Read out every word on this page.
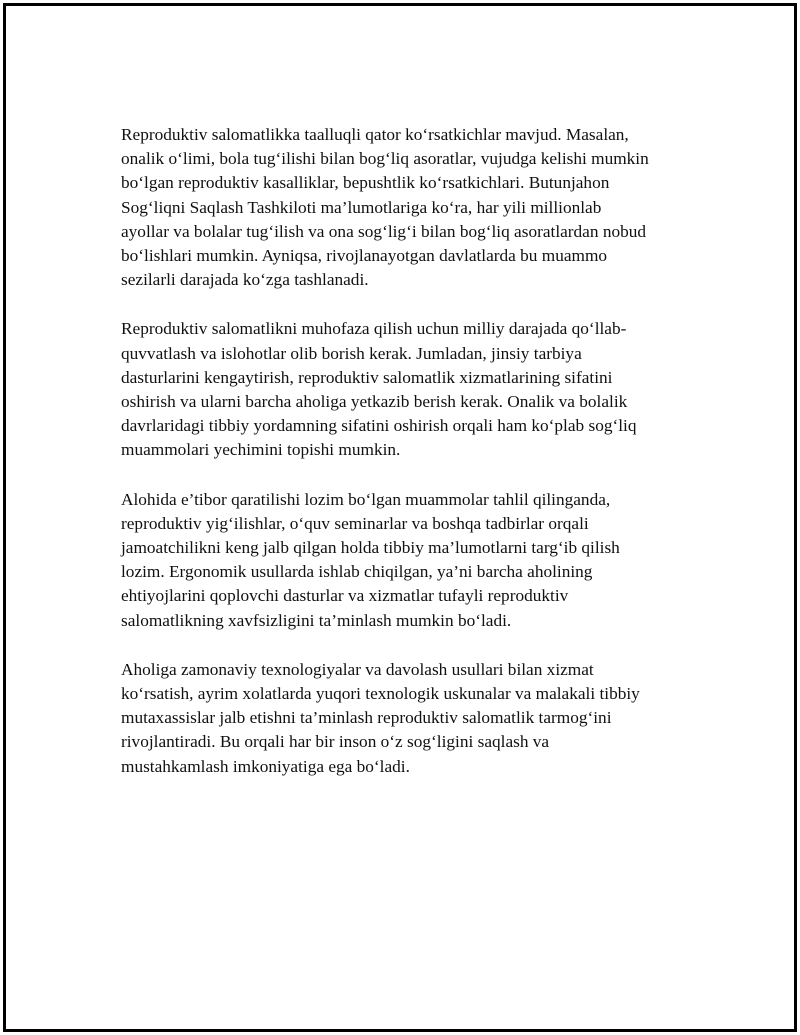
Reproduktiv salomatlikka taalluqli qator ko‘rsatkichlar mavjud. Masalan,
onalik o‘limi, bola tug‘ilishi bilan bog‘liq asoratlar, vujudga kelishi mumkin
bo‘lgan reproduktiv kasalliklar, bepushtlik ko‘rsatkichlari. Butunjahon
Sog‘liqni Saqlash Tashkiloti ma’lumotlariga ko‘ra, har yili millionlab
ayollar va bolalar tug‘ilish va ona sog‘lig‘i bilan bog‘liq asoratlardan nobud
bo‘lishlari mumkin. Ayniqsa, rivojlanayotgan davlatlarda bu muammo
sezilarli darajada ko‘zga tashlanadi.

Reproduktiv salomatlikni muhofaza qilish uchun milliy darajada qo‘llab-
quvvatlash va islohotlar olib borish kerak. Jumladan, jinsiy tarbiya
dasturlarini kengaytirish, reproduktiv salomatlik xizmatlarining sifatini
oshirish va ularni barcha aholiga yetkazib berish kerak. Onalik va bolalik
davrlaridagi tibbiy yordamning sifatini oshirish orqali ham ko‘plab sog‘liq
muammolari yechimini topishi mumkin.

Alohida e’tibor qaratilishi lozim bo‘lgan muammolar tahlil qilinganda,
reproduktiv yig‘ilishlar, o‘quv seminarlar va boshqa tadbirlar orqali
jamoatchilikni keng jalb qilgan holda tibbiy ma’lumotlarni targ‘ib qilish
lozim. Ergonomik usullarda ishlab chiqilgan, ya’ni barcha aholining
ehtiyojlarini qoplovchi dasturlar va xizmatlar tufayli reproduktiv
salomatlikning xavfsizligini ta’minlash mumkin bo‘ladi.

Aholiga zamonaviy texnologiyalar va davolash usullari bilan xizmat
ko‘rsatish, ayrim xolatlarda yuqori texnologik uskunalar va malakali tibbiy
mutaxassislar jalb etishni ta’minlash reproduktiv salomatlik tarmog‘ini
rivojlantiradi. Bu orqali har bir inson o‘z sog‘ligini saqlash va
mustahkamlash imkoniyatiga ega bo‘ladi.
